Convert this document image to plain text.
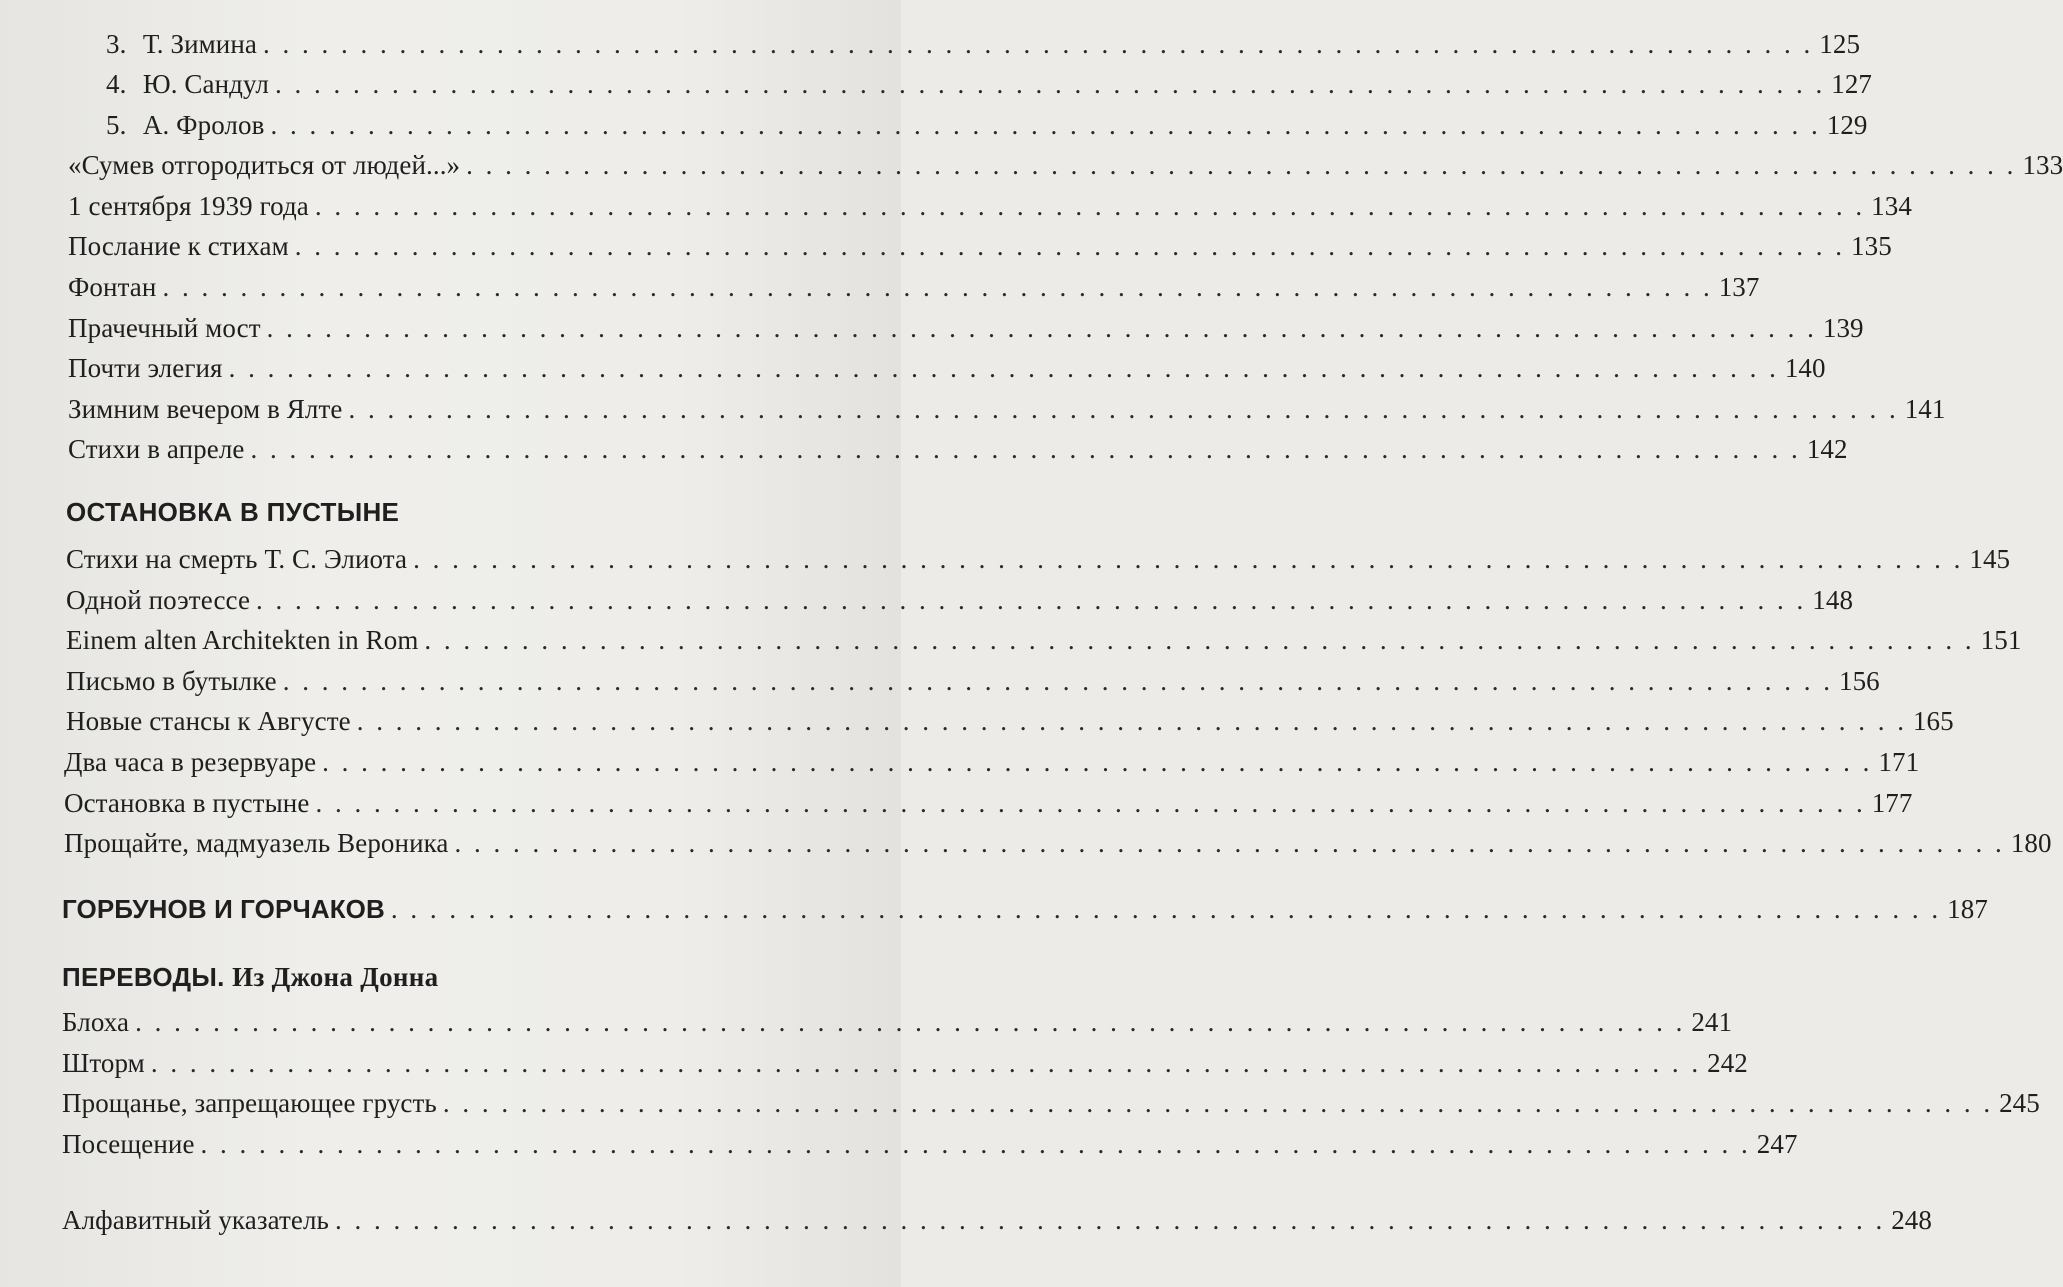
3. Т. Зимина . . . . . . . . . . . . . . . . . . . . . . . . . . . . . . . . . . . . . . . . . . . . . . . . . . . . . . . . . . . . . . . . . . . . . . . . . . . . . . . . 125
4. Ю. Сандул . . . . . . . . . . . . . . . . . . . . . . . . . . . . . . . . . . . . . . . . . . . . . . . . . . . . . . . . . . . . . . . . . . . . . . . . . . . . . . . . 127
5. А. Фролов . . . . . . . . . . . . . . . . . . . . . . . . . . . . . . . . . . . . . . . . . . . . . . . . . . . . . . . . . . . . . . . . . . . . . . . . . . . . . . . . 129
«Сумев отгородиться от людей...» . . . . . . . . . . . . . . . . . . . . . . . . . . . . . . . . . . . . . . . . . . . . . . . . . . . . . . . . . . . . . . . . . . . . . . . . . . . . . . . . 133
1 сентября 1939 года . . . . . . . . . . . . . . . . . . . . . . . . . . . . . . . . . . . . . . . . . . . . . . . . . . . . . . . . . . . . . . . . . . . . . . . . . . . . . . . . 134
Послание к стихам . . . . . . . . . . . . . . . . . . . . . . . . . . . . . . . . . . . . . . . . . . . . . . . . . . . . . . . . . . . . . . . . . . . . . . . . . . . . . . . . 135
Фонтан . . . . . . . . . . . . . . . . . . . . . . . . . . . . . . . . . . . . . . . . . . . . . . . . . . . . . . . . . . . . . . . . . . . . . . . . . . . . . . . . 137
Прачечный мост . . . . . . . . . . . . . . . . . . . . . . . . . . . . . . . . . . . . . . . . . . . . . . . . . . . . . . . . . . . . . . . . . . . . . . . . . . . . . . . . 139
Почти элегия . . . . . . . . . . . . . . . . . . . . . . . . . . . . . . . . . . . . . . . . . . . . . . . . . . . . . . . . . . . . . . . . . . . . . . . . . . . . . . . . 140
Зимним вечером в Ялте . . . . . . . . . . . . . . . . . . . . . . . . . . . . . . . . . . . . . . . . . . . . . . . . . . . . . . . . . . . . . . . . . . . . . . . . . . . . . . . . 141
Стихи в апреле . . . . . . . . . . . . . . . . . . . . . . . . . . . . . . . . . . . . . . . . . . . . . . . . . . . . . . . . . . . . . . . . . . . . . . . . . . . . . . . . 142
ОСТАНОВКА В ПУСТЫНЕ
Стихи на смерть Т. С. Элиота . . . . . . . . . . . . . . . . . . . . . . . . . . . . . . . . . . . . . . . . . . . . . . . . . . . . . . . . . . . . . . . . . . . . . . . . . . . . . . . . 145
Одной поэтессе . . . . . . . . . . . . . . . . . . . . . . . . . . . . . . . . . . . . . . . . . . . . . . . . . . . . . . . . . . . . . . . . . . . . . . . . . . . . . . . . 148
Einem alten Architekten in Rom . . . . . . . . . . . . . . . . . . . . . . . . . . . . . . . . . . . . . . . . . . . . . . . . . . . . . . . . . . . . . . . . . . . . . . . . . . . . . . . . 151
Письмо в бутылке . . . . . . . . . . . . . . . . . . . . . . . . . . . . . . . . . . . . . . . . . . . . . . . . . . . . . . . . . . . . . . . . . . . . . . . . . . . . . . . . 156
Новые стансы к Августе . . . . . . . . . . . . . . . . . . . . . . . . . . . . . . . . . . . . . . . . . . . . . . . . . . . . . . . . . . . . . . . . . . . . . . . . . . . . . . . . 165
Два часа в резервуаре . . . . . . . . . . . . . . . . . . . . . . . . . . . . . . . . . . . . . . . . . . . . . . . . . . . . . . . . . . . . . . . . . . . . . . . . . . . . . . . . 171
Остановка в пустыне . . . . . . . . . . . . . . . . . . . . . . . . . . . . . . . . . . . . . . . . . . . . . . . . . . . . . . . . . . . . . . . . . . . . . . . . . . . . . . . . 177
Прощайте, мадмуазель Вероника . . . . . . . . . . . . . . . . . . . . . . . . . . . . . . . . . . . . . . . . . . . . . . . . . . . . . . . . . . . . . . . . . . . . . . . . . . . . . . . . 180
ГОРБУНОВ И ГОРЧАКОВ . . . . . . . . . . . . . . . . . . . . . . . . . . . . . . . . . . . . . . . . . . . . . . . . . . . . . . . . . . . . . . . . . . . . . . . . . . . . . . . . 187
ПЕРЕВОДЫ. Из Джона Донна
Блоха . . . . . . . . . . . . . . . . . . . . . . . . . . . . . . . . . . . . . . . . . . . . . . . . . . . . . . . . . . . . . . . . . . . . . . . . . . . . . . . . 241
Шторм . . . . . . . . . . . . . . . . . . . . . . . . . . . . . . . . . . . . . . . . . . . . . . . . . . . . . . . . . . . . . . . . . . . . . . . . . . . . . . . . 242
Прощанье, запрещающее грусть . . . . . . . . . . . . . . . . . . . . . . . . . . . . . . . . . . . . . . . . . . . . . . . . . . . . . . . . . . . . . . . . . . . . . . . . . . . . . . . . 245
Посещение . . . . . . . . . . . . . . . . . . . . . . . . . . . . . . . . . . . . . . . . . . . . . . . . . . . . . . . . . . . . . . . . . . . . . . . . . . . . . . . . 247
Алфавитный указатель . . . . . . . . . . . . . . . . . . . . . . . . . . . . . . . . . . . . . . . . . . . . . . . . . . . . . . . . . . . . . . . . . . . . . . . . . . . . . . . . 248
